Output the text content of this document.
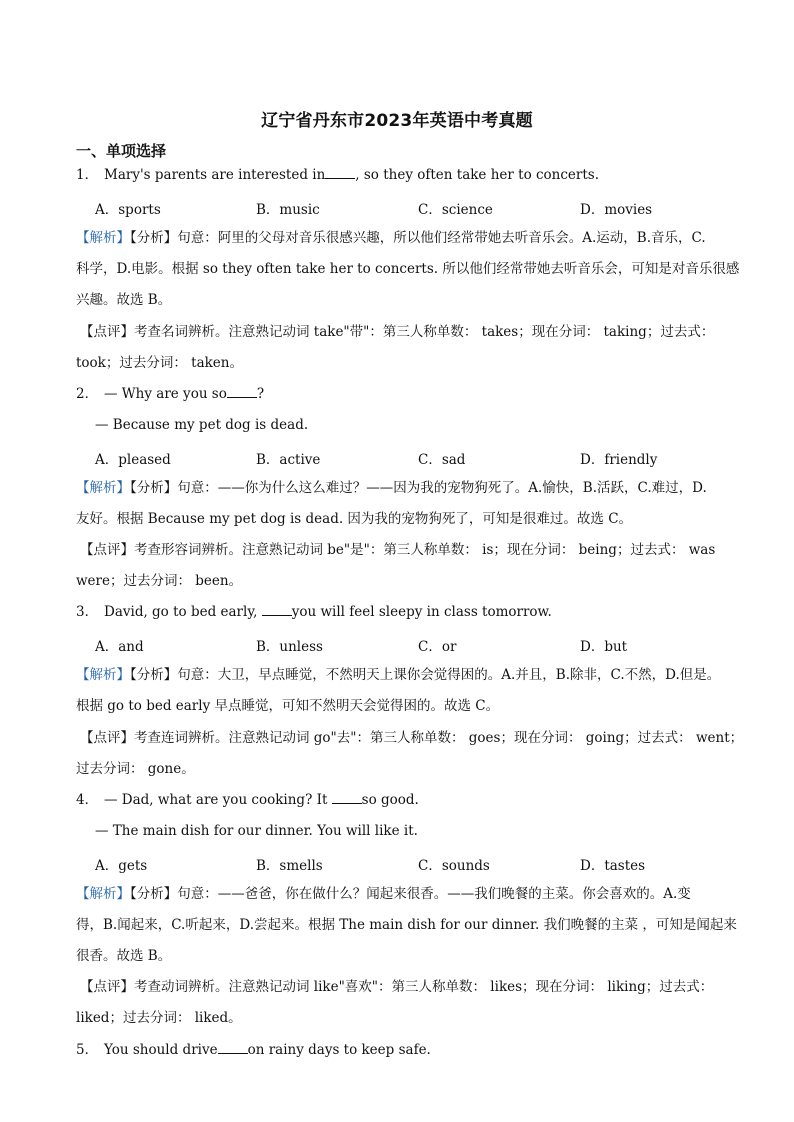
辽宁省丹东市2023年英语中考真题
一、单项选择
1． Mary's parents are interested in , so they often take her to concerts.
A．sports	B．music	C．science	D．movies
【解析】【分析】句意：阿里的父母对音乐很感兴趣，所以他们经常带她去听音乐会。A.运动，B.音乐，C.
科学，D.电影。根据 so they often take her to concerts. 所以他们经常带她去听音乐会，可知是对音乐很感
兴趣。故选 B。
【点评】考查名词辨析。注意熟记动词 take"带"：第三人称单数： takes；现在分词： taking；过去式：
took；过去分词： taken。
2． — Why are you so ?
— Because my pet dog is dead.
A．pleased	B．active	C．sad	D．friendly
【解析】【分析】句意：——你为什么这么难过？——因为我的宠物狗死了。A.愉快，B.活跃，C.难过，D.
友好。根据 Because my pet dog is dead. 因为我的宠物狗死了，可知是很难过。故选 C。
【点评】考查形容词辨析。注意熟记动词 be"是"：第三人称单数： is；现在分词： being；过去式： was
were；过去分词： been。
3． David, go to bed early, you will feel sleepy in class tomorrow.
A．and	B．unless	C．or	D．but
【解析】【分析】句意：大卫，早点睡觉，不然明天上课你会觉得困的。A.并且，B.除非，C.不然，D.但是。
根据 go to bed early 早点睡觉，可知不然明天会觉得困的。故选 C。
【点评】考查连词辨析。注意熟记动词 go"去"：第三人称单数： goes；现在分词： going；过去式： went；
过去分词： gone。
4． — Dad, what are you cooking? It so good.
— The main dish for our dinner. You will like it.
A．gets	B．smells	C．sounds	D．tastes
【解析】【分析】句意：——爸爸，你在做什么？闻起来很香。——我们晚餐的主菜。你会喜欢的。A.变
得，B.闻起来，C.听起来，D.尝起来。根据 The main dish for our dinner. 我们晚餐的主菜 ，可知是闻起来
很香。故选 B。
【点评】考查动词辨析。注意熟记动词 like"喜欢"：第三人称单数： likes；现在分词： liking；过去式：
liked；过去分词： liked。
5． You should drive on rainy days to keep safe.
